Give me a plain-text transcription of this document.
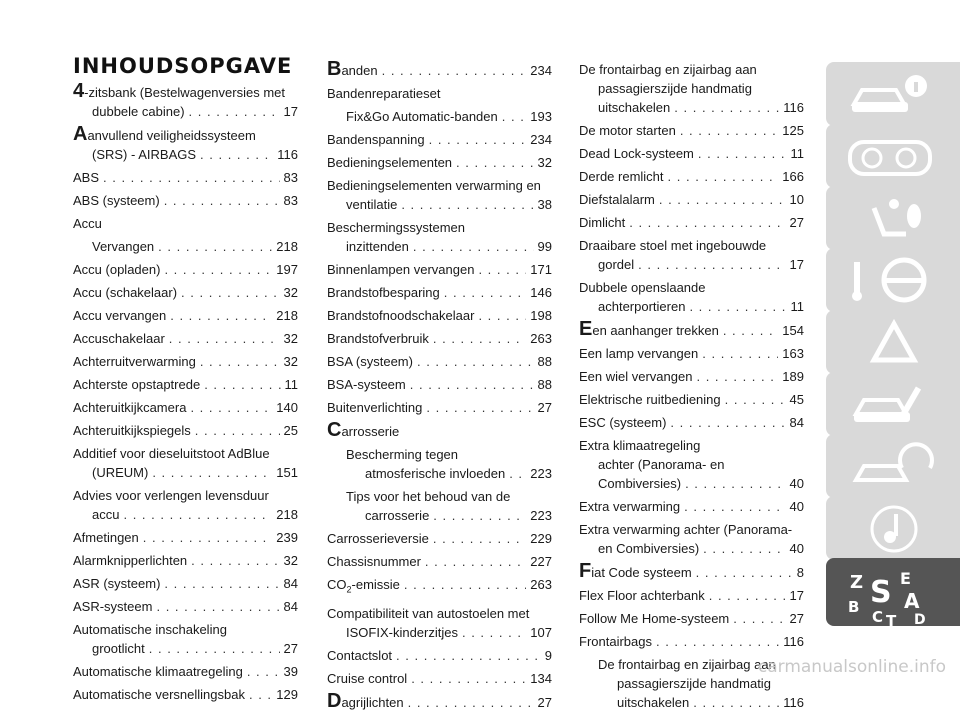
INHOUDSOPGAVE
4-zitsbank (Bestelwagenversies met
dubbele cabine) . . .	17
Aanvullend veiligheidssysteem
(SRS) - AIRBAGS . . .	116
ABS . . .	83
ABS (systeem) . . .	83
Accu
Vervangen . . .	218
Accu (opladen) . . .	197
Accu (schakelaar) . . .	32
Accu vervangen . . .	218
Accuschakelaar . . .	32
Achterruitverwarming . . .	32
Achterste opstaptrede . . .	11
Achteruitkijkcamera . . .	140
Achteruitkijkspiegels . . .	25
Additief voor dieseluitstoot AdBlue
(UREUM) . . .	151
Advies voor verlengen levensduur
accu . . .	218
Afmetingen . . .	239
Alarmknipperlichten . . .	32
ASR (systeem) . . .	84
ASR-systeem . . .	84
Automatische inschakeling
grootlicht . . .	27
Automatische klimaatregeling . . .	39
Automatische versnellingsbak . . . 129
Banden . . .	234
Bandenreparatieset
Fix&Go Automatic-banden . . .	193
Bandenspanning . . .	234
Bedieningselementen . . .	32
Bedieningselementen verwarming en
ventilatie . . .	38
Beschermingssystemen
inzittenden . . .	99
Binnenlampen vervangen . . .	171
Brandstofbesparing . . .	146
Brandstofnoodschakelaar . . .	198
Brandstofverbruik . . .	263
BSA (systeem) . . .	88
BSA-systeem . . .	88
Buitenverlichting . . .	27
Carrosserie
Bescherming tegen
atmosferische invloeden . . . 223
Tips voor het behoud van de
carrosserie . . .	223
Carrosserieversie . . .	229
Chassisnummer . . .	227
$CO_2$-emissie . . .	263
Compatibiliteit van autostoelen met
ISOFIX-kinderzitjes . . .	107
Contactslot . . .	9
Cruise control . . .	134
Dagrijlichten . . .	27
De frontairbag en zijairbag aan
passagierszijde handmatig
uitschakelen . . .	116
De motor starten . . .	125
Dead Lock-systeem . . .	11
Derde remlicht . . .	166
Diefstalalarm . . .	10
Dimlicht . . .	27
Draaibare stoel met ingebouwde
gordel . . .	17
Dubbele openslaande
achterportieren . . .	11
Een aanhanger trekken . . .	154
Een lamp vervangen . . .	163
Een wiel vervangen . . .	189
Elektrische ruitbediening . . .	45
ESC (systeem) . . .	84
Extra klimaatregeling
achter (Panorama- en
Combiversies) . . .	40
Extra verwarming . . .	40
Extra verwarming achter (Panorama-
en Combiversies) . . .	40
Fiat Code systeem . . .	8
Flex Floor achterbank . . .	17
Follow Me Home-systeem . . .	27
Frontairbags . . .	116
De frontairbag en zijairbag aan
passagierszijde handmatig
uitschakelen . . .	116
Z E
S A
B
C D
T
carmanualsonline.info
